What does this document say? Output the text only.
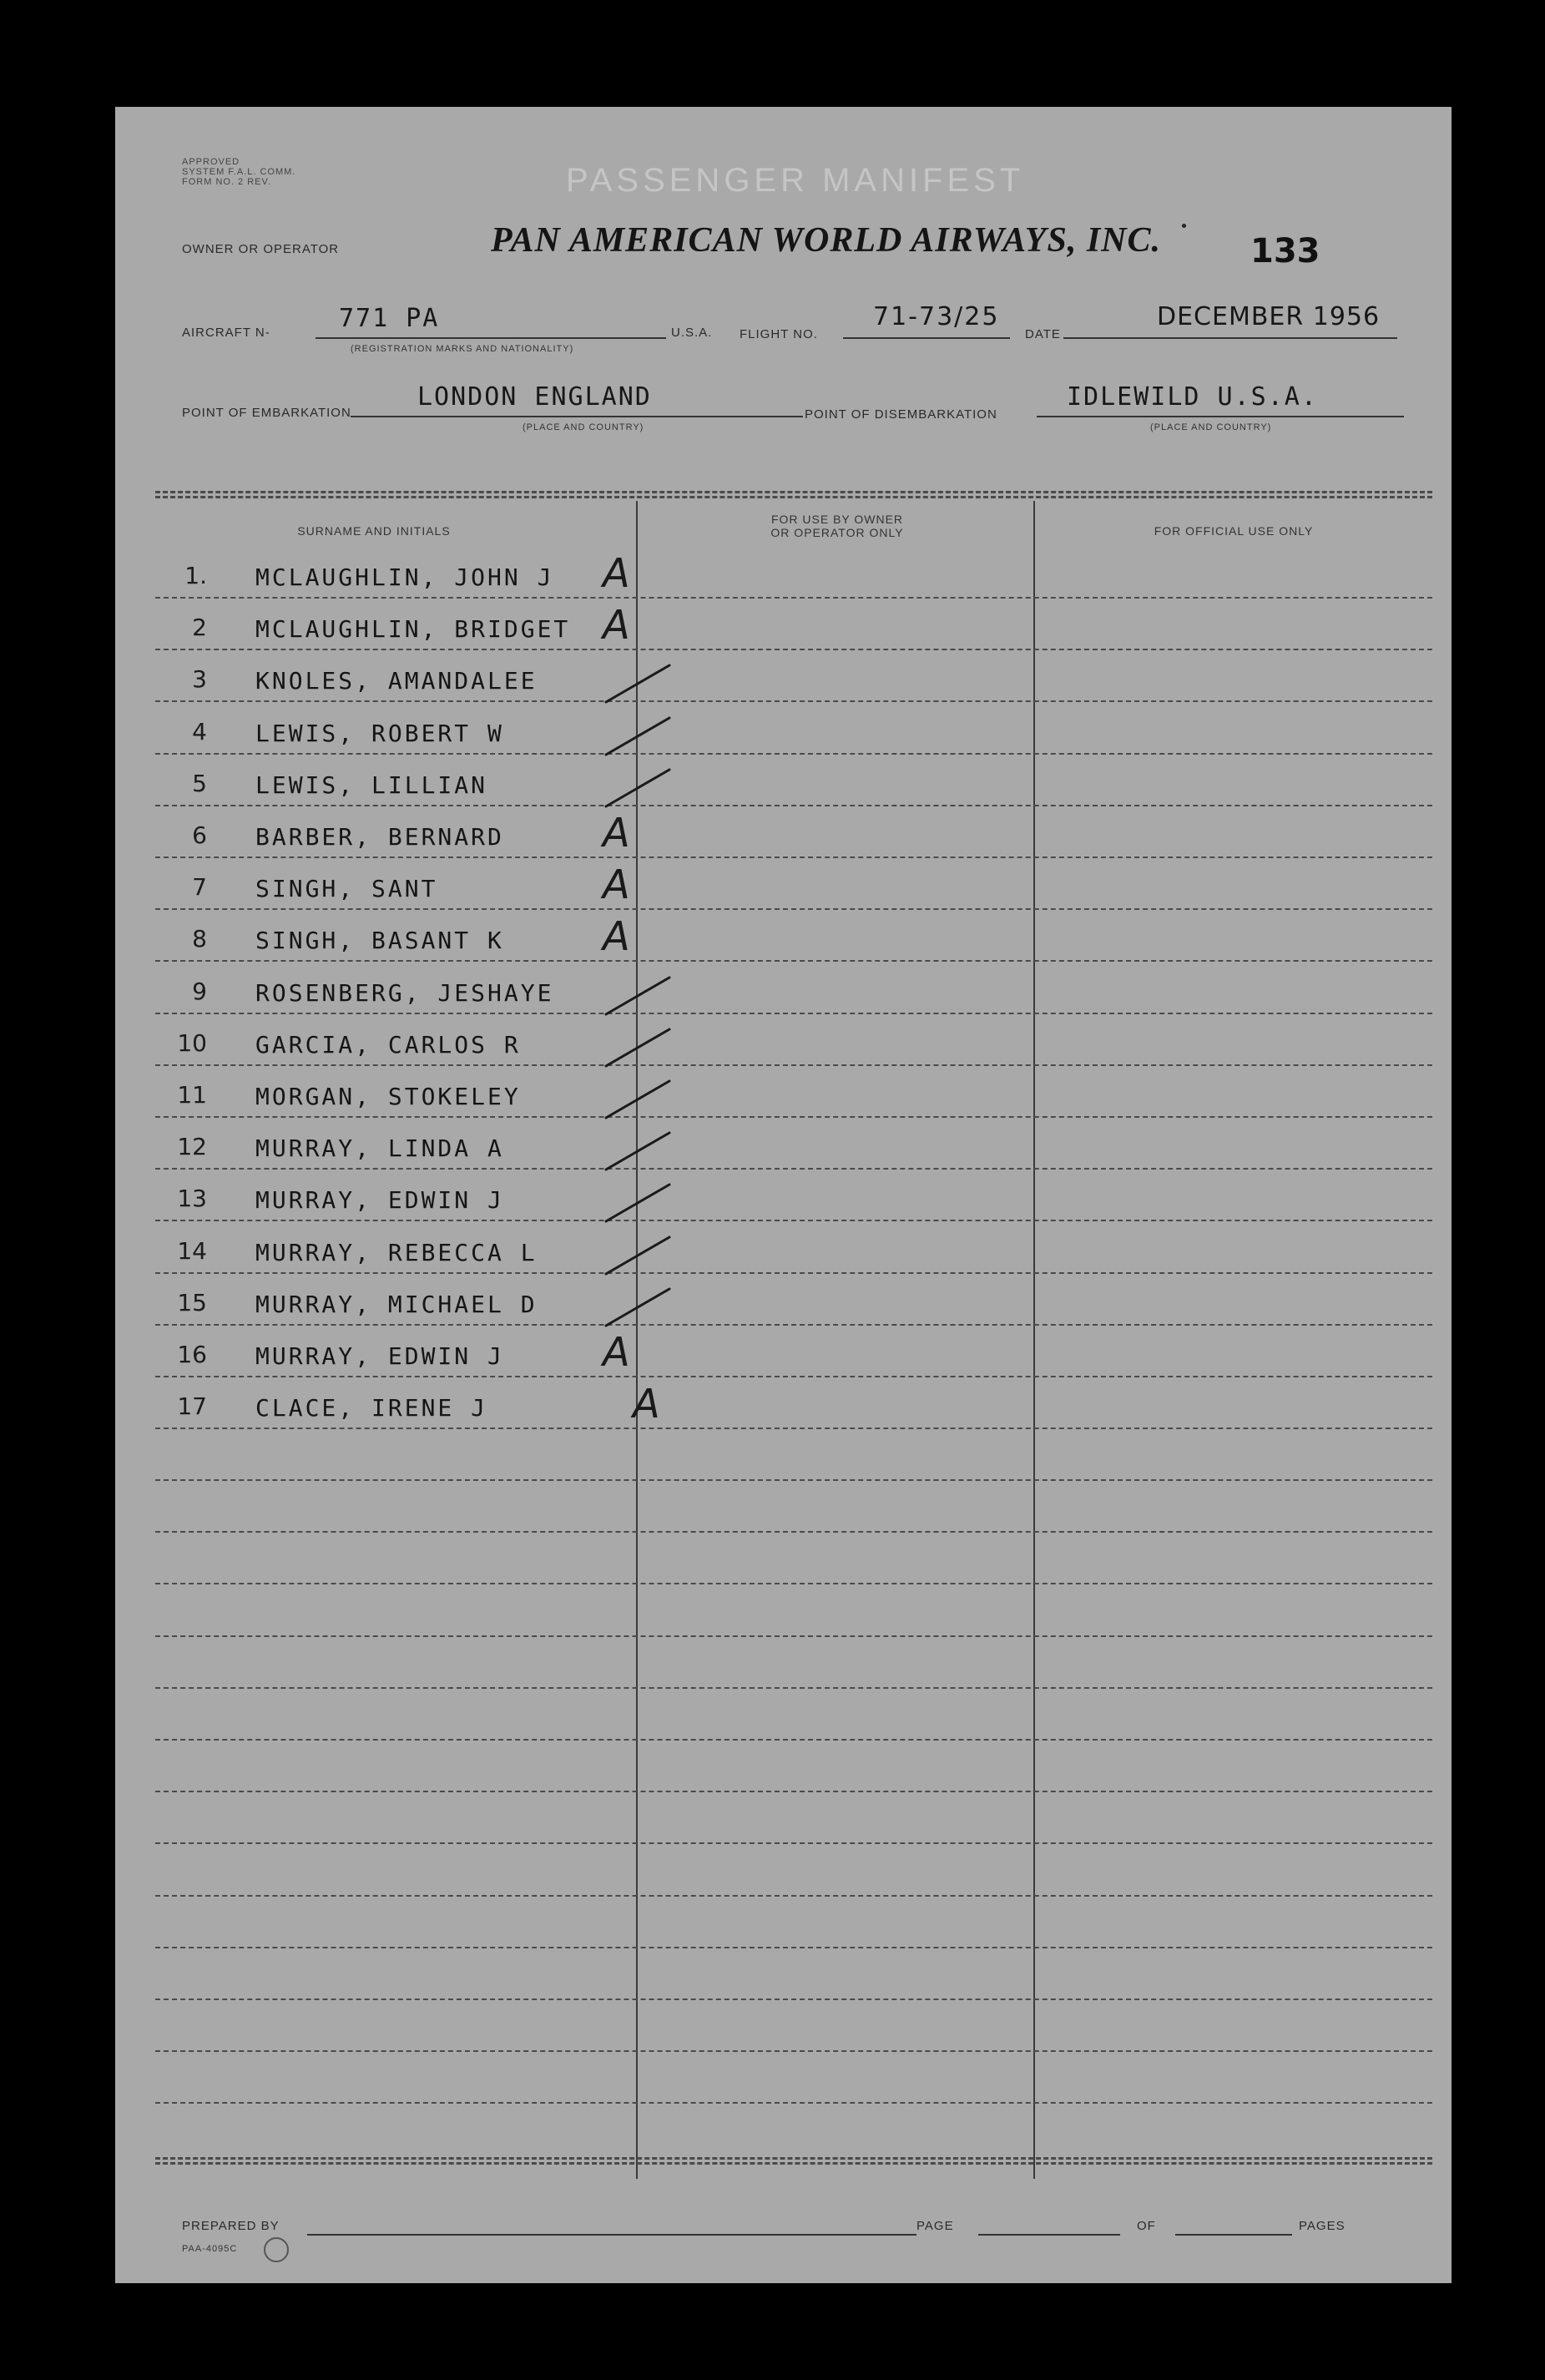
APPROVED
SYSTEM F.A.L. COMM.
FORM NO. 2 REV.	PASSENGER MANIFEST
OWNER OR OPERATOR	PAN AMERICAN WORLD AIRWAYS, INC.	133
AIRCRAFT N-	771 PA
(REGISTRATION MARKS AND NATIONALITY)
U.S.A. FLIGHT NO.
71-73/25
DATE
DECEMBER 1956
POINT OF EMBARKATION
LONDON ENGLAND
(PLACE AND COUNTRY)
POINT OF DISEMBARKATION
IDLEWILD U.S.A.
(PLACE AND COUNTRY)
SURNAME AND INITIALS
FOR USE BY OWNER
OR OPERATOR ONLY	FOR OFFICIAL USE ONLY
1. MCLAUGHLIN, JOHN J A
2 MCLAUGHLIN, BRIDGET A
3 KNOLES, AMANDALEE
4 LEWIS, ROBERT W
5 LEWIS, LILLIAN
6 BARBER, BERNARD A
7 SINGH, SANT	A
8 SINGH, BASANT K A
9 ROSENBERG, JESHAYE
10 GARCIA, CARLOS R
11 MORGAN, STOKELEY
12 MURRAY, LINDA A
13 MURRAY, EDWIN J
14 MURRAY, REBECCA L
15 MURRAY, MICHAEL D
16 MURRAY, EDWIN J A
17 CLACE, IRENE J	A
PREPARED BY
PAA-4095C
PAGE	OF	PAGES
